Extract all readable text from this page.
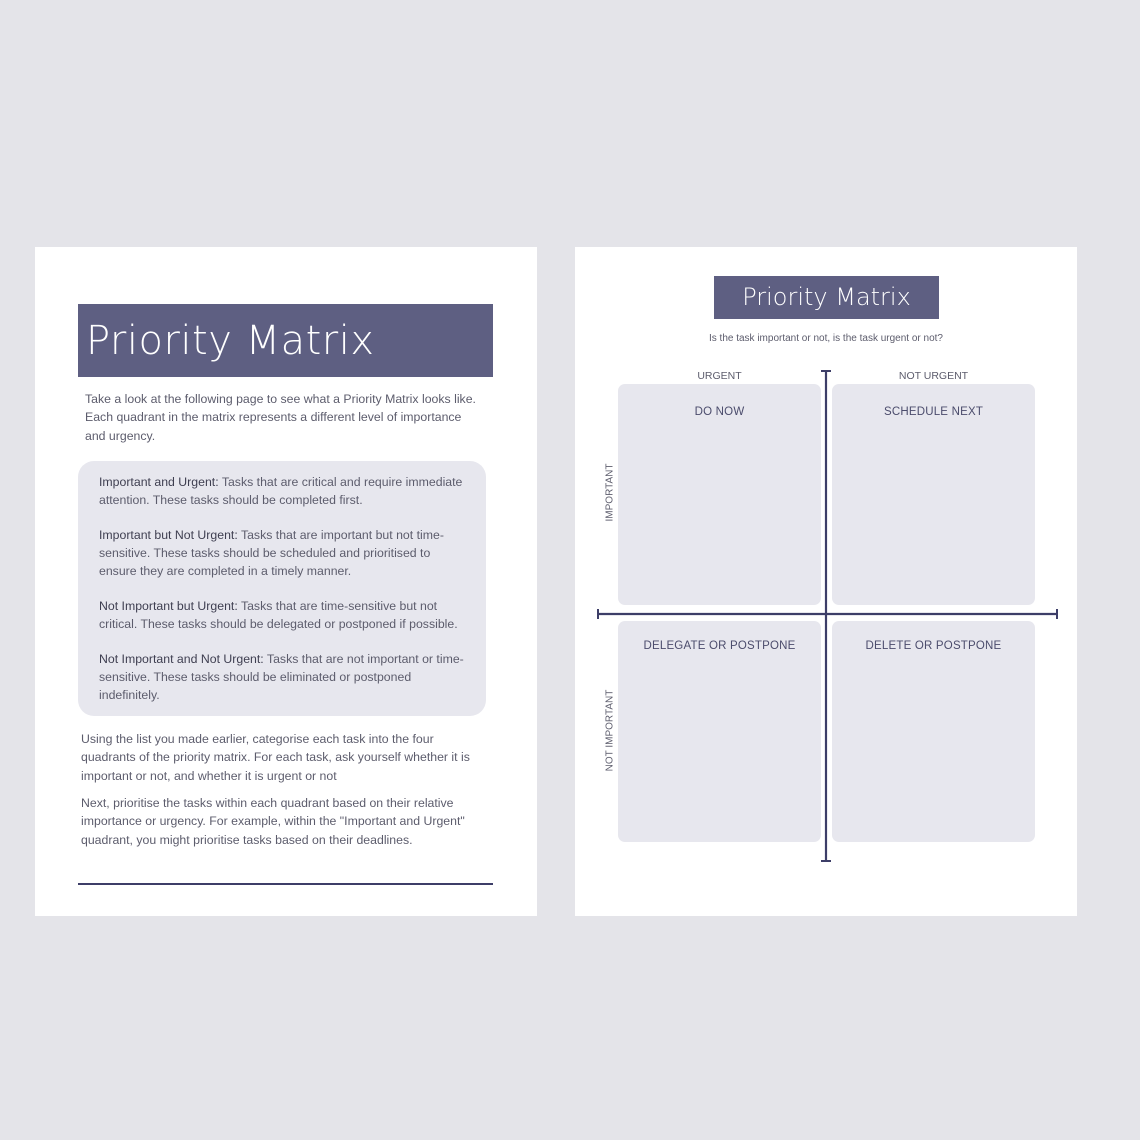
Priority Matrix

Take a look at the following page to see what a Priority Matrix looks like. Each quadrant in the matrix represents a different level of importance and urgency.

Important and Urgent: Tasks that are critical and require immediate attention. These tasks should be completed first.

Important but Not Urgent: Tasks that are important but not time-sensitive. These tasks should be scheduled and prioritised to ensure they are completed in a timely manner.

Not Important but Urgent: Tasks that are time-sensitive but not critical. These tasks should be delegated or postponed if possible.

Not Important and Not Urgent: Tasks that are not important or time-sensitive. These tasks should be eliminated or postponed indefinitely.

Using the list you made earlier, categorise each task into the four quadrants of the priority matrix. For each task, ask yourself whether it is important or not, and whether it is urgent or not

Next, prioritise the tasks within each quadrant based on their relative importance or urgency. For example, within the "Important and Urgent" quadrant, you might prioritise tasks based on their deadlines.

Priority Matrix
Is the task important or not, is the task urgent or not?
URGENT	NOT URGENT
IMPORTANT
NOT IMPORTANT
DO NOW	SCHEDULE NEXT
DELEGATE OR POSTPONE	DELETE OR POSTPONE
